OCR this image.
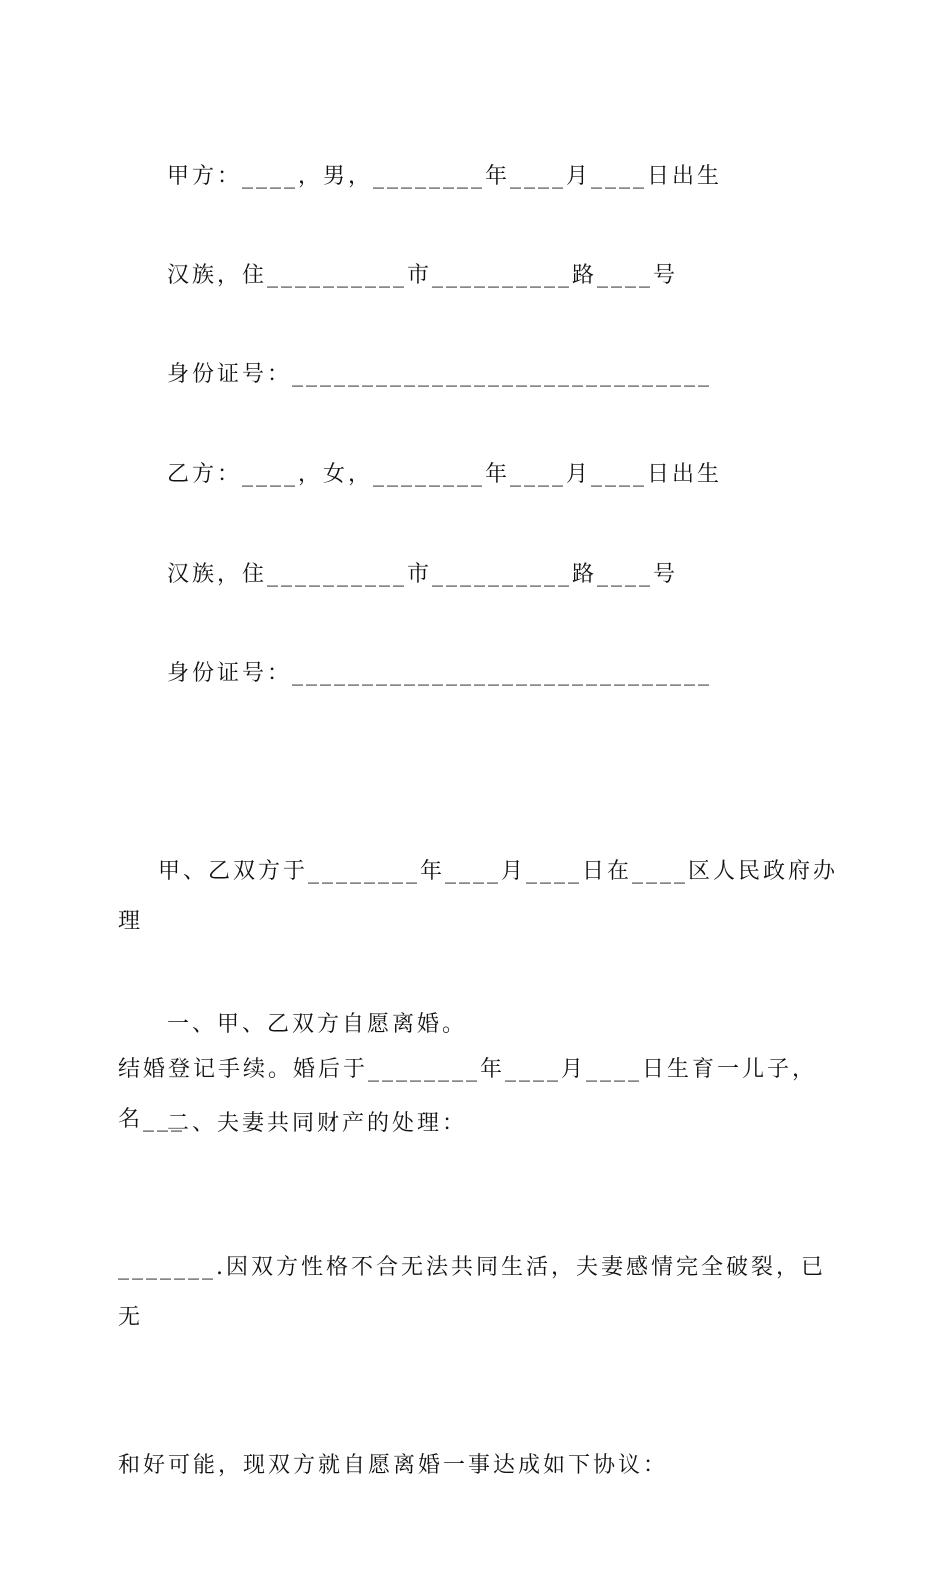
甲方：____，男，________年____月____日出生
汉族，住__________市__________路____号
身份证号：______________________________
乙方：____，女，________年____月____日出生
汉族，住__________市__________路____号
身份证号：______________________________

甲、乙双方于________年____月____日在____区人民政府办理

结婚登记手续。婚后于________年____月____日生育一儿子，名___

_______.因双方性格不合无法共同生活，夫妻感情完全破裂，已无

和好可能，现双方就自愿离婚一事达成如下协议：

一、甲、乙双方自愿离婚。
二、夫妻共同财产的处理：
